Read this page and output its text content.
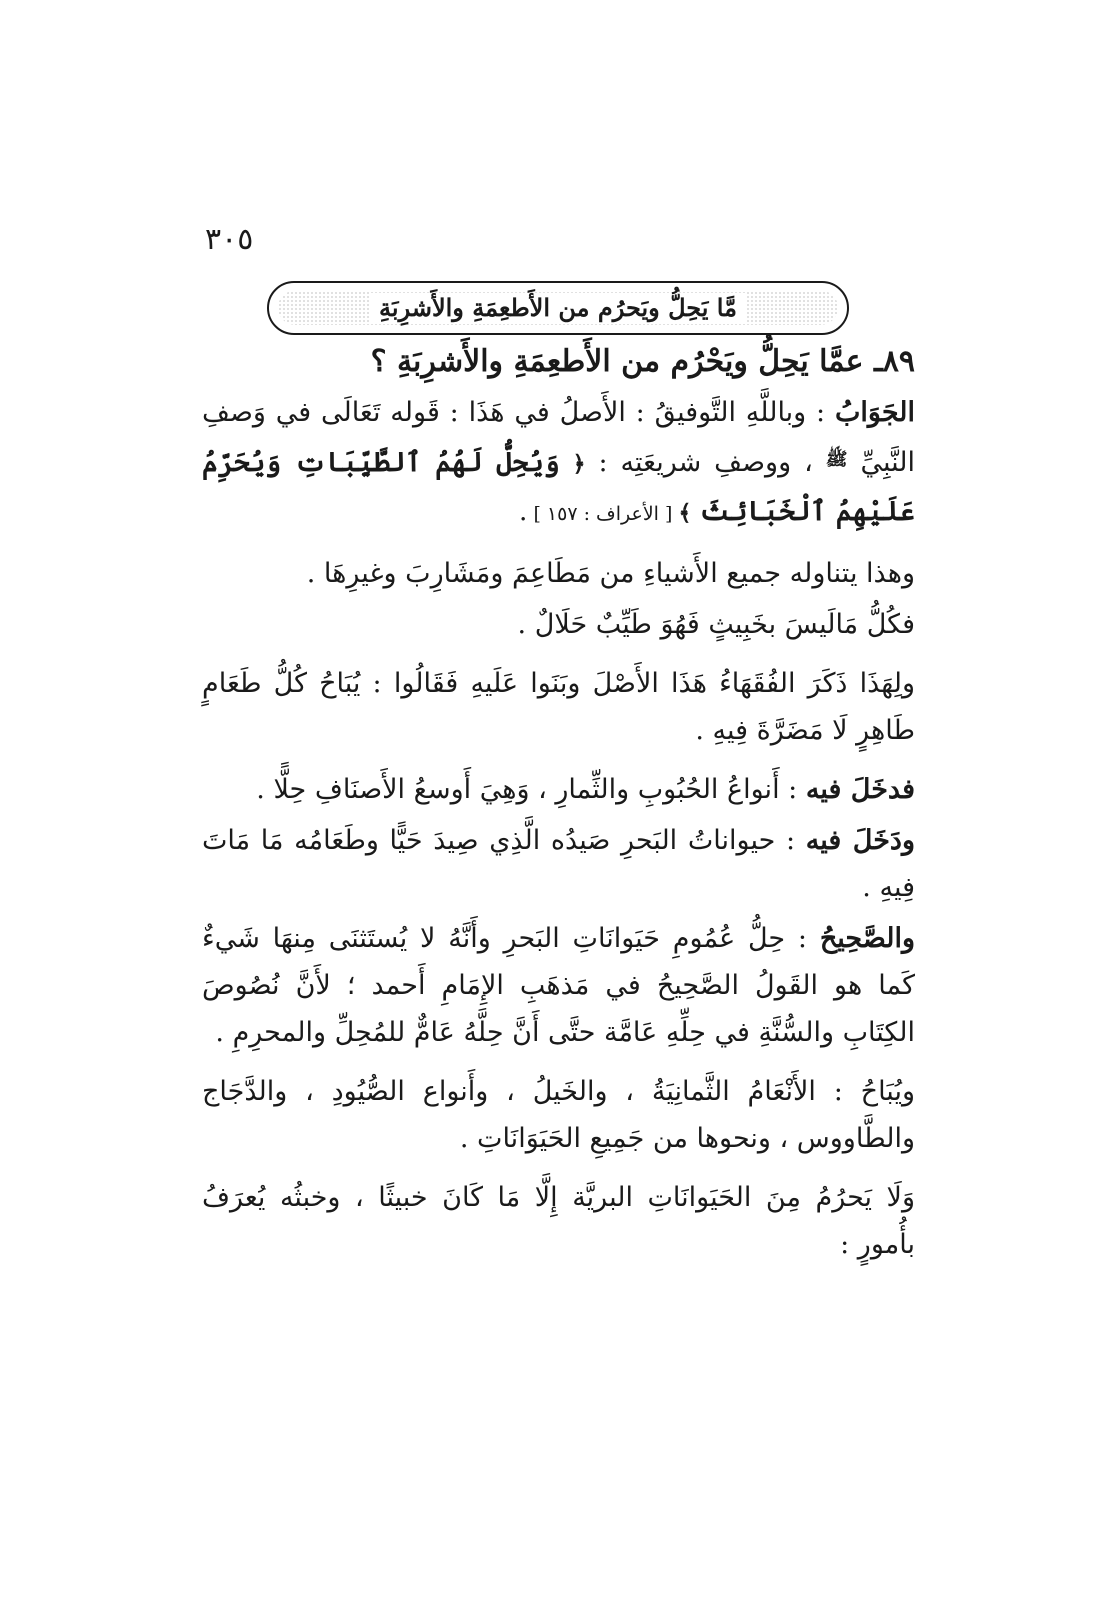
٣٠٥
مَّا يَحِلُّ ويَحرُم من الأَطعِمَةِ والأَشرِبَةِ

٨٩ـ عمَّا يَحِلُّ ويَحْرُم من الأَطعِمَةِ والأَشرِبَةِ ؟

الجَوَابُ : وباللَّهِ التَّوفيقُ : الأَصلُ في هَذَا : قَوله تَعَالَى في وَصفِ النَّبِيِّ $^ﷺ$ ، ووصفِ شريعَتِه : ﴿ وَيُحِلُّ لَهُمُ ٱلطَّيِّبَاتِ وَيُحَرِّمُ عَلَيْهِمُ ٱلْخَبَائِثَ ﴾ [ الأعراف : ١٥٧ ] .

وهذا يتناوله جميع الأَشياءِ من مَطَاعِمَ ومَشَارِبَ وغيرِهَا .

فكُلُّ مَالَيسَ بخَبِيثٍ فَهُوَ طَيِّبٌ حَلَالٌ .

ولِهَذَا ذَكَرَ الفُقَهَاءُ هَذَا الأَصْلَ وبَنَوا عَلَيهِ فَقَالُوا : يُبَاحُ كُلُّ طَعَامٍ طَاهِرٍ لَا مَضَرَّةَ فِيهِ .

فدخَلَ فيه : أَنواعُ الحُبُوبِ والثِّمارِ ، وَهِيَ أَوسعُ الأَصنَافِ حِلًّا .

ودَخَلَ فيه : حيواناتُ البَحرِ صَيدُه الَّذِي صِيدَ حَيًّا وطَعَامُه مَا مَاتَ فِيهِ .

والصَّحِيحُ : حِلُّ عُمُومِ حَيَوانَاتِ البَحرِ وأَنَّهُ لا يُستَثنَى مِنهَا شَيءٌ كَما هو القَولُ الصَّحِيحُ في مَذهَبِ الإِمَامِ أَحمد ؛ لأَنَّ نُصُوصَ الكِتَابِ والسُّنَّةِ في حِلِّهِ عَامَّة حتَّى أَنَّ حِلَّهُ عَامٌّ للمُحِلِّ والمحرِمِ .

ويُبَاحُ : الأَنْعَامُ الثَّمانِيَةُ ، والخَيلُ ، وأَنواع الصُّيُودِ ، والدَّجَاج والطَّاووس ، ونحوها من جَمِيعِ الحَيَوَانَاتِ .

وَلَا يَحرُمُ مِنَ الحَيَوانَاتِ البريَّة إِلَّا مَا كَانَ خبيثًا ، وخبثُه يُعرَفُ بأُمورٍ :
